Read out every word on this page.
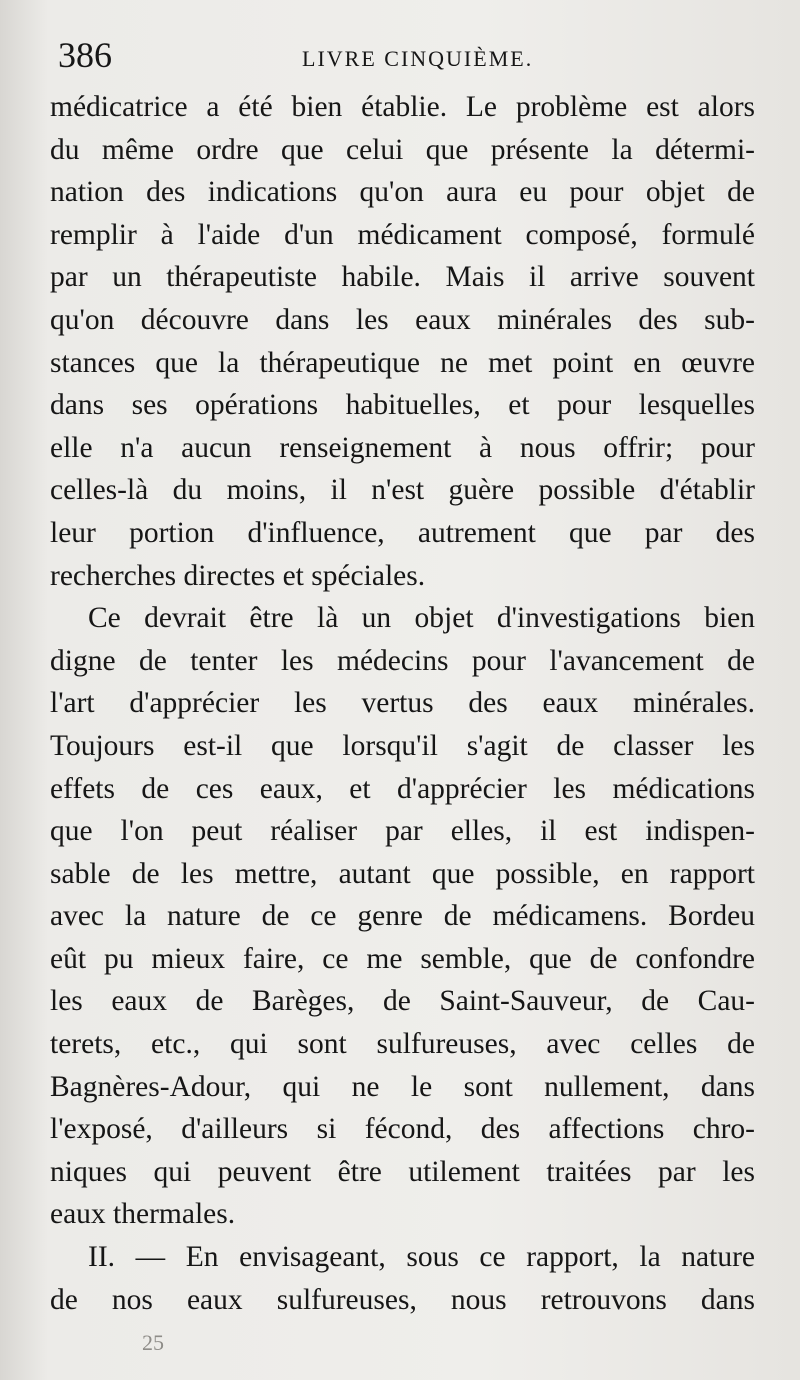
386	LIVRE CINQUIÈME.
médicatrice a été bien établie. Le problème est alors
du même ordre que celui que présente la détermi-
nation des indications qu'on aura eu pour objet de
remplir à l'aide d'un médicament composé, formulé
par un thérapeutiste habile. Mais il arrive souvent
qu'on découvre dans les eaux minérales des sub-
stances que la thérapeutique ne met point en œuvre
dans ses opérations habituelles, et pour lesquelles
elle n'a aucun renseignement à nous offrir; pour
celles-là du moins, il n'est guère possible d'établir
leur portion d'influence, autrement que par des
recherches directes et spéciales.
Ce devrait être là un objet d'investigations bien
digne de tenter les médecins pour l'avancement de
l'art d'apprécier les vertus des eaux minérales.
Toujours est-il que lorsqu'il s'agit de classer les
effets de ces eaux, et d'apprécier les médications
que l'on peut réaliser par elles, il est indispen-
sable de les mettre, autant que possible, en rapport
avec la nature de ce genre de médicamens. Bordeu
eût pu mieux faire, ce me semble, que de confondre
les eaux de Barèges, de Saint-Sauveur, de Cau-
terets, etc., qui sont sulfureuses, avec celles de
Bagnères-Adour, qui ne le sont nullement, dans
l'exposé, d'ailleurs si fécond, des affections chro-
niques qui peuvent être utilement traitées par les
eaux thermales.
II. — En envisageant, sous ce rapport, la nature
de nos eaux sulfureuses, nous retrouvons dans
25
